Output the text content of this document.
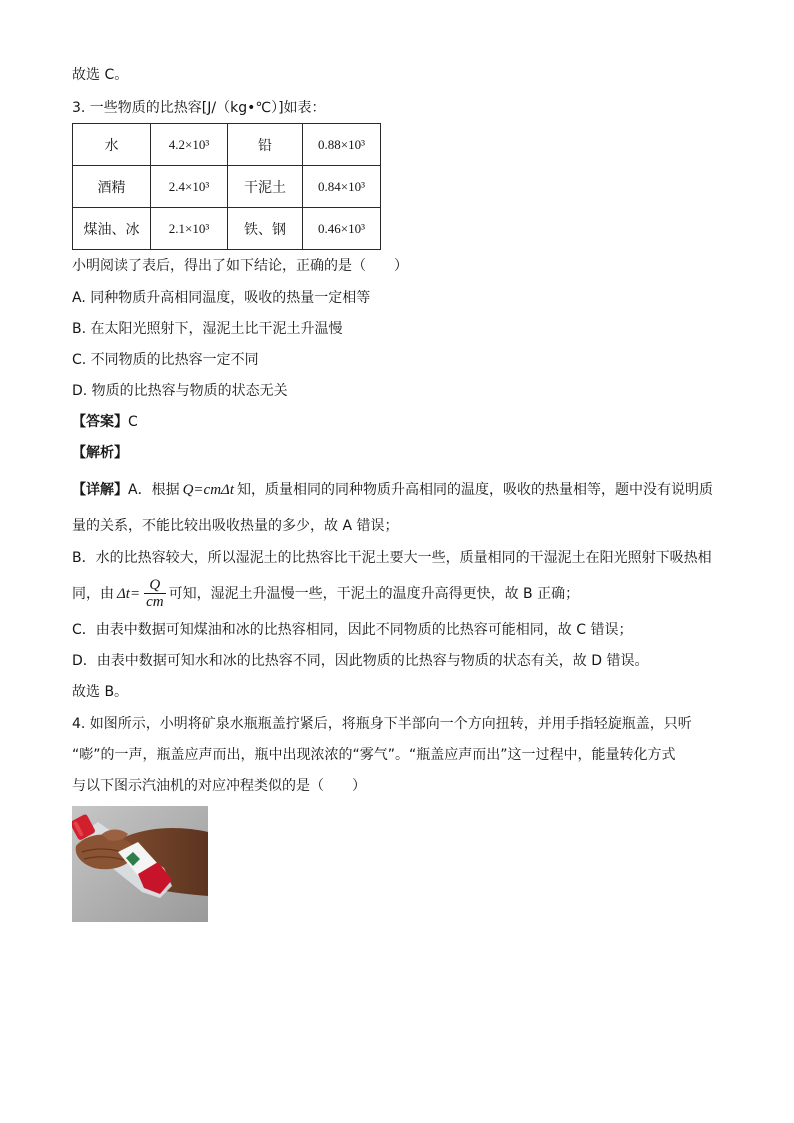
故选 C。
3. 一些物质的比热容[J/（kg•℃）]如表：
水	4.2×10³	铅	0.88×10³
酒精	2.4×10³	干泥土	0.84×10³
煤油、冰	2.1×10³	铁、钢	0.46×10³
小明阅读了表后，得出了如下结论，正确的是（　　）
A. 同种物质升高相同温度，吸收的热量一定相等
B. 在太阳光照射下，湿泥土比干泥土升温慢
C. 不同物质的比热容一定不同
D. 物质的比热容与物质的状态无关
【答案】C
【解析】
【详解】A．根据 Q=cmΔt 知，质量相同的同种物质升高相同的温度，吸收的热量相等，题中没有说明质
量的关系，不能比较出吸收热量的多少，故 A 错误；
B．水的比热容较大，所以湿泥土的比热容比干泥土要大一些，质量相同的干湿泥土在阳光照射下吸热相
同，由 $\Delta t= \frac{Q}{cm}$ 可知，湿泥土升温慢一些，干泥土的温度升高得更快，故 B 正确；
C．由表中数据可知煤油和冰的比热容相同，因此不同物质的比热容可能相同，故 C 错误；
D．由表中数据可知水和冰的比热容不同，因此物质的比热容与物质的状态有关，故 D 错误。
故选 B。
4. 如图所示，小明将矿泉水瓶瓶盖拧紧后，将瓶身下半部向一个方向扭转，并用手指轻旋瓶盖，只听
“嘭”的一声，瓶盖应声而出，瓶中出现浓浓的“雾气”。“瓶盖应声而出”这一过程中，能量转化方式
与以下图示汽油机的对应冲程类似的是（　　）
